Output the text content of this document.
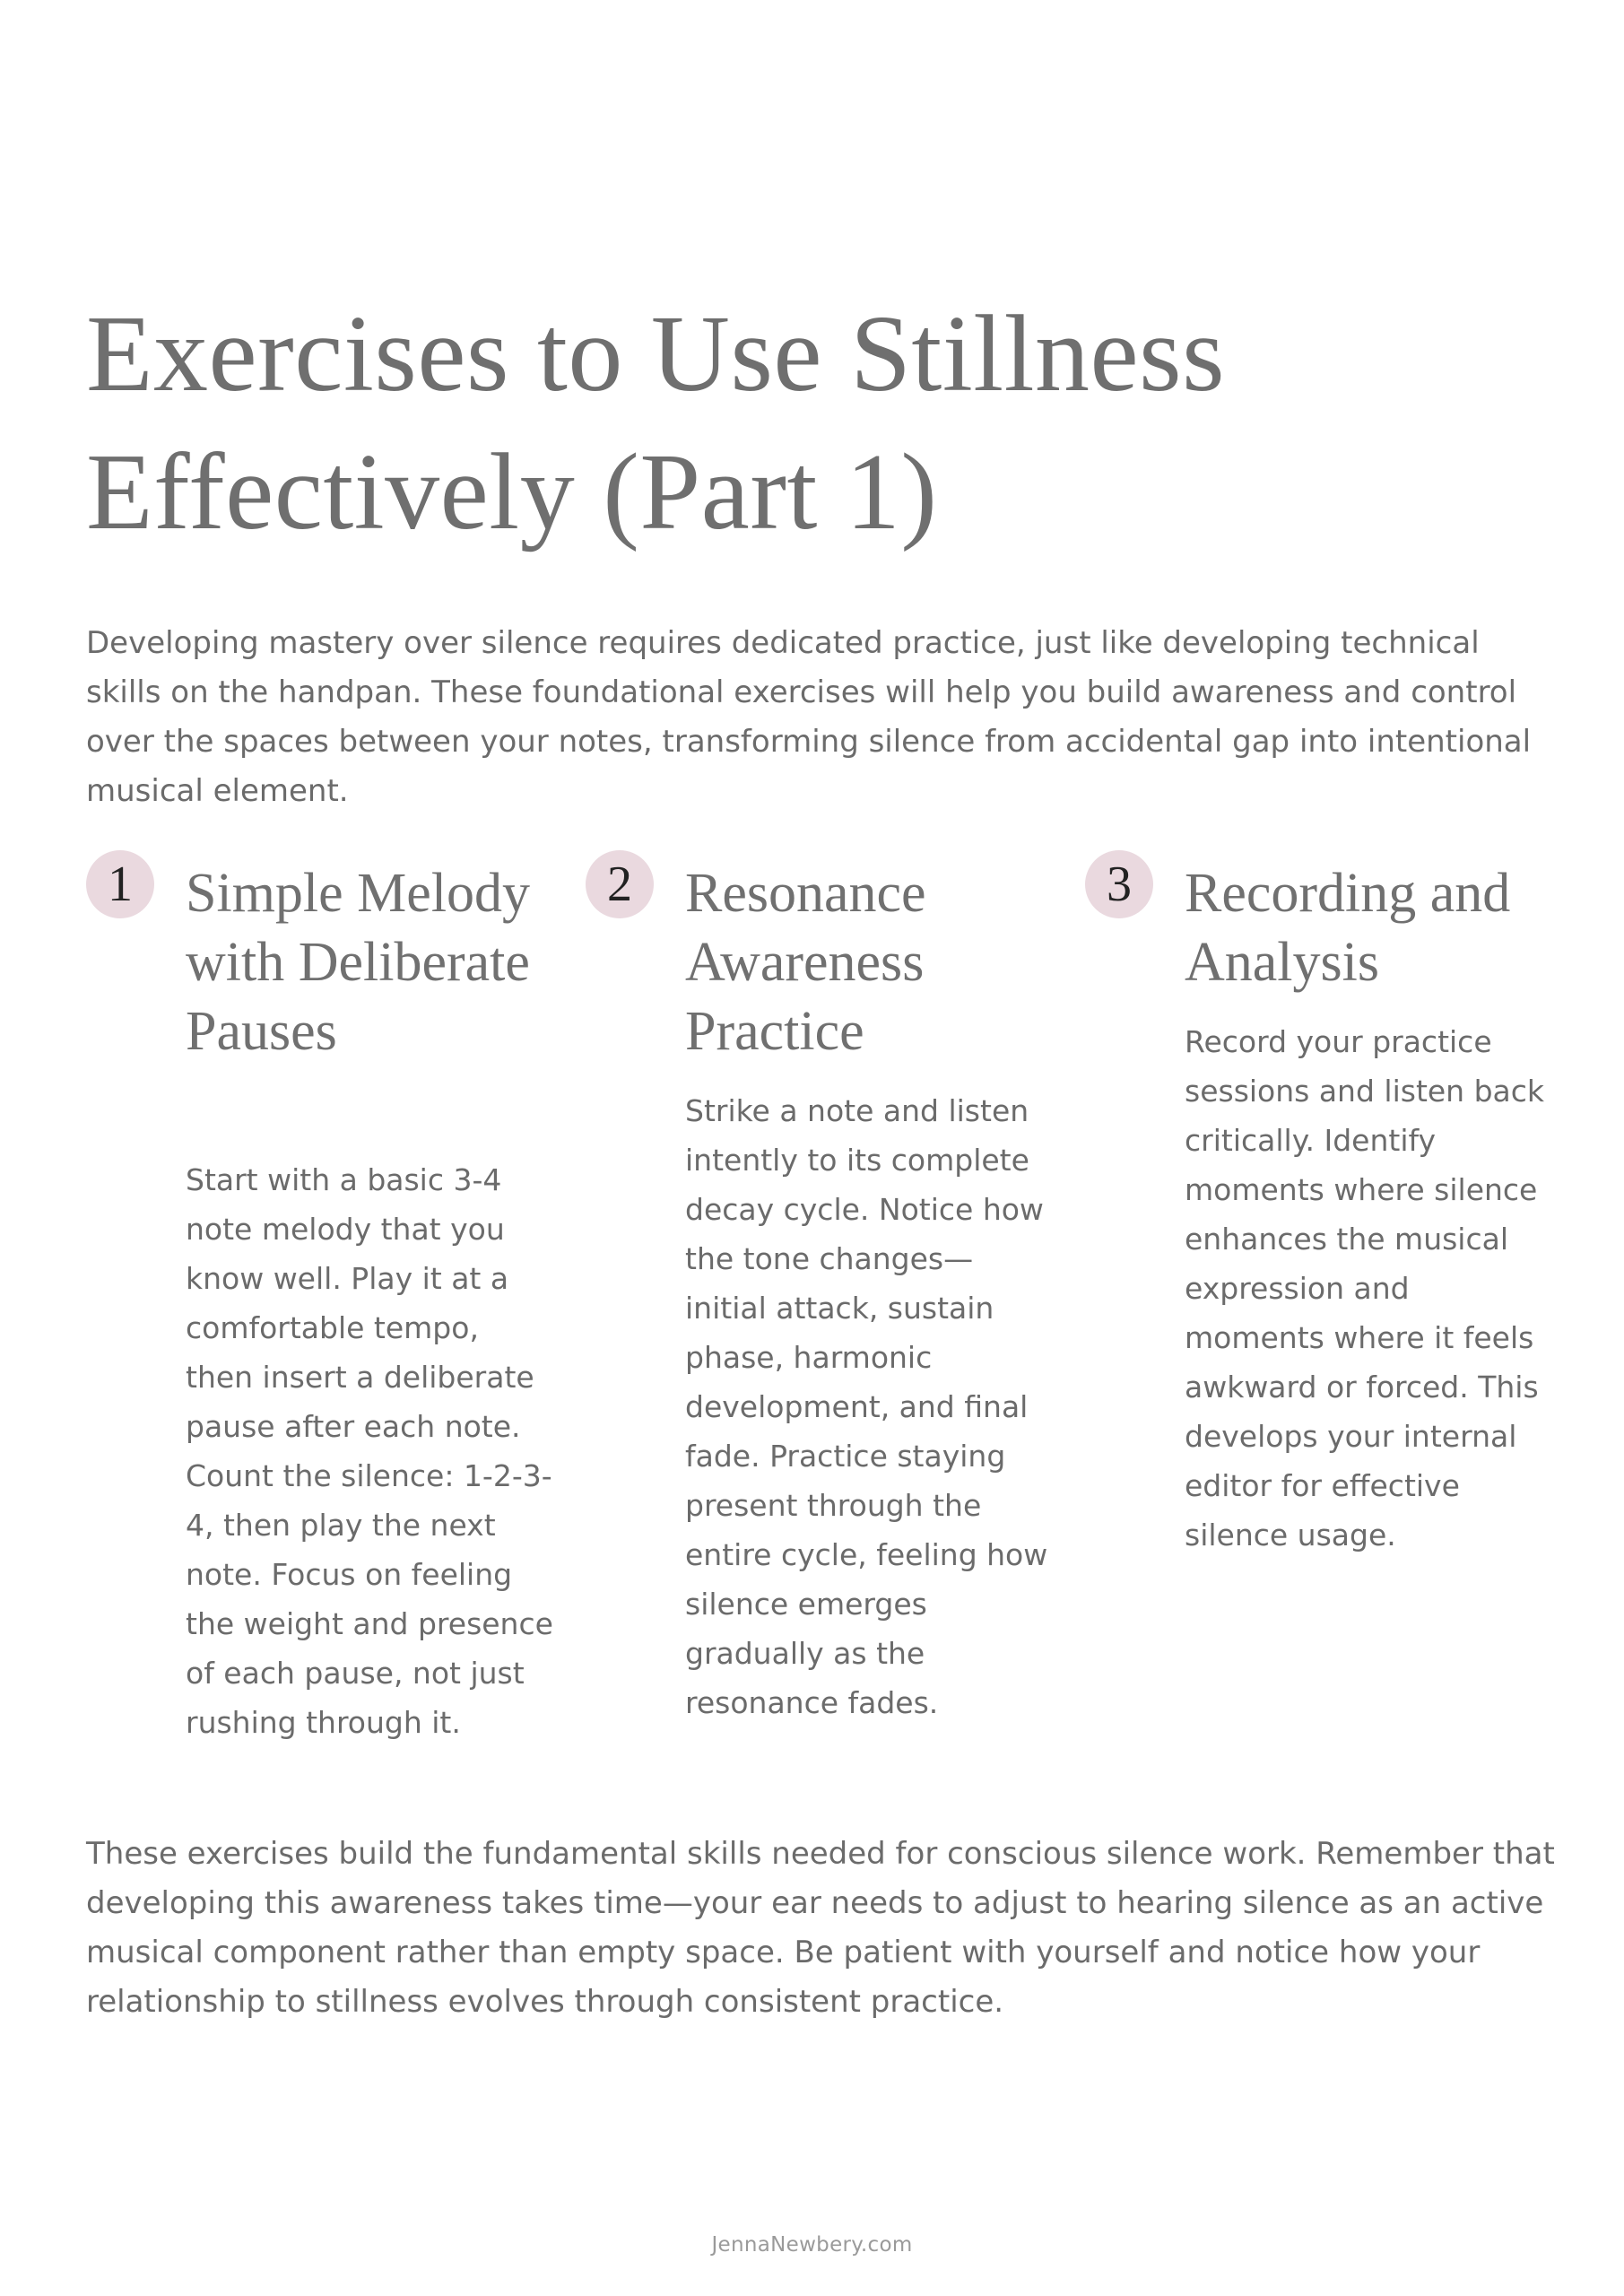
Exercises to Use Stillness Effectively (Part 1)

Developing mastery over silence requires dedicated practice, just like developing technical skills on the handpan. These foundational exercises will help you build awareness and control over the spaces between your notes, transforming silence from accidental gap into intentional musical element.

1 Simple Melody with Deliberate Pauses

Start with a basic 3-4 note melody that you know well. Play it at a comfortable tempo, then insert a deliberate pause after each note. Count the silence: 1-2-3-4, then play the next note. Focus on feeling the weight and presence of each pause, not just rushing through it.

2 Resonance Awareness Practice

Strike a note and listen intently to its complete decay cycle. Notice how the tone changes—initial attack, sustain phase, harmonic development, and final fade. Practice staying present through the entire cycle, feeling how silence emerges gradually as the resonance fades.

3 Recording and Analysis

Record your practice sessions and listen back critically. Identify moments where silence enhances the musical expression and moments where it feels awkward or forced. This develops your internal editor for effective silence usage.

These exercises build the fundamental skills needed for conscious silence work. Remember that developing this awareness takes time—your ear needs to adjust to hearing silence as an active musical component rather than empty space. Be patient with yourself and notice how your relationship to stillness evolves through consistent practice.

JennaNewbery.com
